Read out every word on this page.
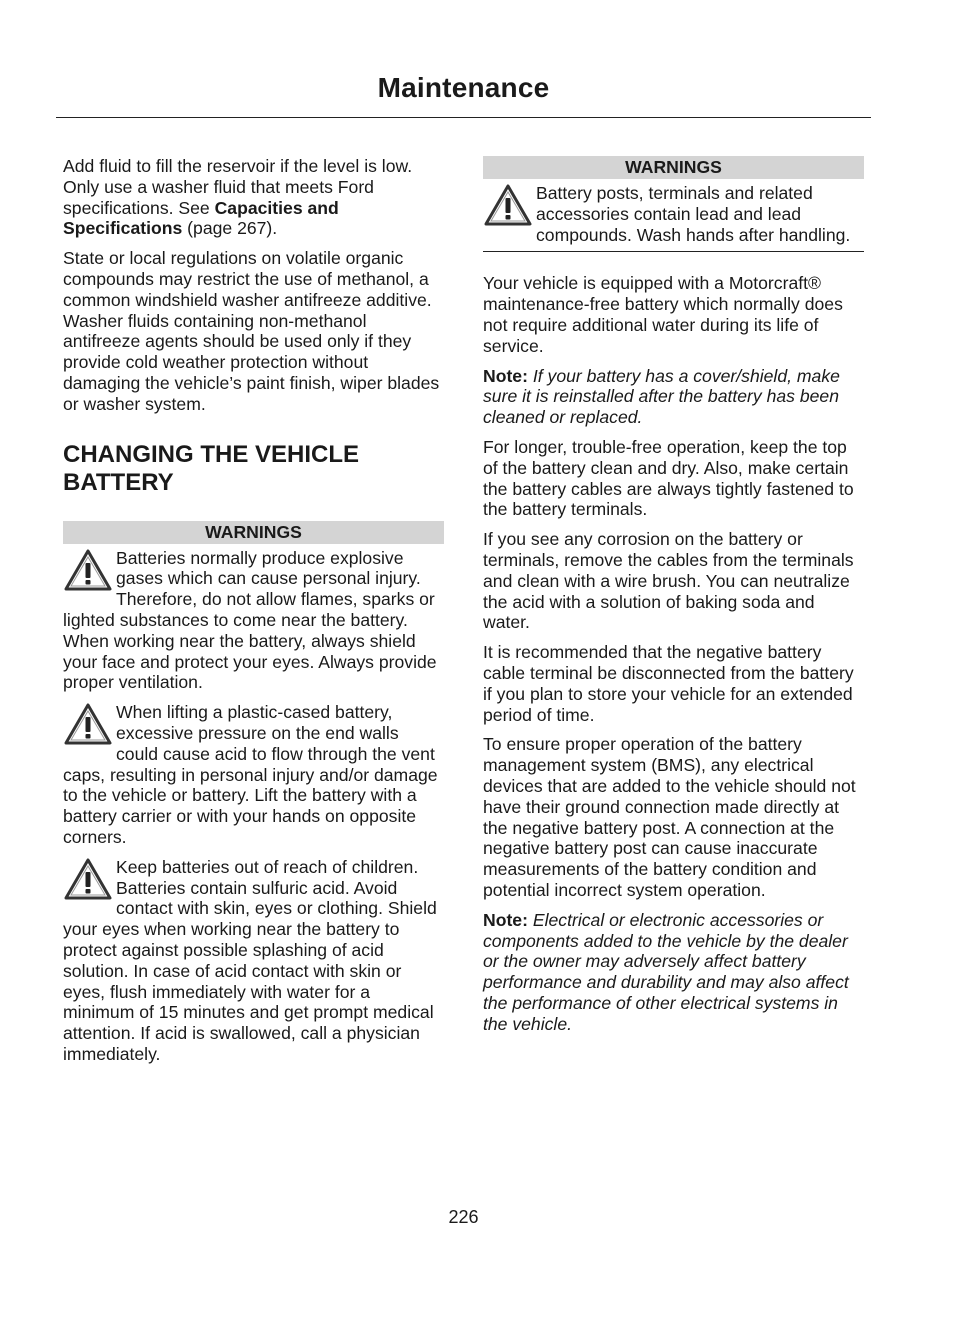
Maintenance

Add fluid to fill the reservoir if the level is low. Only use a washer fluid that meets Ford specifications. See Capacities and Specifications (page 267).

State or local regulations on volatile organic compounds may restrict the use of methanol, a common windshield washer antifreeze additive. Washer fluids containing non-methanol antifreeze agents should be used only if they provide cold weather protection without damaging the vehicle’s paint finish, wiper blades or washer system.

CHANGING THE VEHICLE BATTERY
WARNINGS
Batteries normally produce explosive gases which can cause personal injury. Therefore, do not allow flames, sparks or lighted substances to come near the battery. When working near the battery, always shield your face and protect your eyes. Always provide proper ventilation.
When lifting a plastic-cased battery, excessive pressure on the end walls could cause acid to flow through the vent caps, resulting in personal injury and/or damage to the vehicle or battery. Lift the battery with a battery carrier or with your hands on opposite corners.
Keep batteries out of reach of children. Batteries contain sulfuric acid. Avoid contact with skin, eyes or clothing. Shield your eyes when working near the battery to protect against possible splashing of acid solution. In case of acid contact with skin or eyes, flush immediately with water for a minimum of 15 minutes and get prompt medical attention. If acid is swallowed, call a physician immediately.
WARNINGS
Battery posts, terminals and related accessories contain lead and lead compounds. Wash hands after handling.

Your vehicle is equipped with a Motorcraft® maintenance-free battery which normally does not require additional water during its life of service.

Note: If your battery has a cover/shield, make sure it is reinstalled after the battery has been cleaned or replaced.

For longer, trouble-free operation, keep the top of the battery clean and dry. Also, make certain the battery cables are always tightly fastened to the battery terminals.

If you see any corrosion on the battery or terminals, remove the cables from the terminals and clean with a wire brush. You can neutralize the acid with a solution of baking soda and water.

It is recommended that the negative battery cable terminal be disconnected from the battery if you plan to store your vehicle for an extended period of time.

To ensure proper operation of the battery management system (BMS), any electrical devices that are added to the vehicle should not have their ground connection made directly at the negative battery post. A connection at the negative battery post can cause inaccurate measurements of the battery condition and potential incorrect system operation.

Note: Electrical or electronic accessories or components added to the vehicle by the dealer or the owner may adversely affect battery performance and durability and may also affect the performance of other electrical systems in the vehicle.

226
